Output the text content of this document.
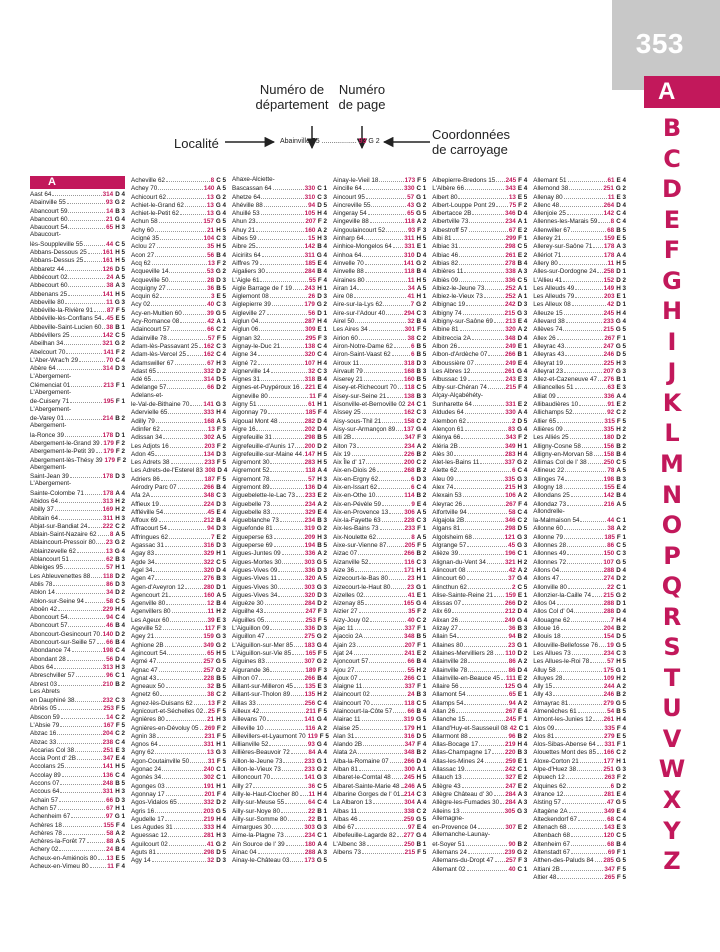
353
A
B
C
D
E
F
G
H
I
J
K
L
M
N
O
P
Q
R
S
T
U
V
W
X
Y
Z
Numéro de
département
Numéro
de page
Localité
Coordonnées
de carroyage
Abainville 55 .................. 93 G 2
A
Aast 64	314 D 4
Abainville 55	93 G 2
Abancourt 59	14 B 3
Abancourt 60	21 G 4
Abaucourt 54	65 H 3
Abaucourt-
lès-Souppleville 55	44 C 5
Abbans-Dessous 25	161 H 5
Abbans-Dessus 25	161 H 5
Abbaretz 44	126 D 5
Abbécourt 02	24 A 5
Abbecourt 60	38 A 3
Abbenans 25	141 H 5
Abbeville 80	11 G 3
Abbéville-la-Rivière 91 87 F 5
Abbéville-lès-Conflans 54 45 E 5
Abbeville-Saint-Lucien 60 38 B 1
Abbévillers 25	142 C 5
Abeilhan 34	321 G 2
Abelcourt 70	141 F 2
L'Aber-Wrac'h 29	70 C 4
Abère 64	314 D 3
L'Abergement-
Clémenciat 01	213 F 1
L'Abergement-
de-Cuisery 71	195 F 1
L'Abergement-
de-Varey 01	214 B 2
Abergement-
la-Ronce 39	178 D 1
Abergement-le-Grand 39 179 F 2
Abergement-le-Petit 39 179 F 2
Abergement-lès-Thésy 39 179 F 2
Abergement-
Saint-Jean 39	178 D 3
L'Abergement-
Sainte-Colombe 71	178 A 4
Abidos 64	313 H 2
Abilly 37	169 H 2
Abitain 64	311 H 3
Abjat-sur-Bandiat 24 222 C 2
Ablain-Saint-Nazaire 62 8 A 5
Ablaincourt-Pressoir 80 23 G 2
Ablainzevelle 62	13 G 4
Ablancourt 51	62 B 3
Ableiges 95	57 H 1
Les Ableuvenettes 88 118 D 2
Ablis 78	86 D 3
Ablon 14	34 D 2
Ablon-sur-Seine 94	58 C 5
Aboën 42	229 H 4
Aboncourt 54	94 C 4
Aboncourt 57	46 B 4
Aboncourt-Gesincourt 70 140 D 2
Aboncourt-sur-Seille 57 66 B 4
Abondance 74	198 C 4
Abondant 28	56 D 4
Abos 64	313 H 3
Abreschviller 57	96 C 1
Abrest 03	210 B 2
Les Abrets
en Dauphiné 38	232 C 3
Abriès 05	253 F 5
Abscon 59	14 C 2
L'Absie 79	167 F 5
Abzac 16	204 C 2
Abzac 33	238 C 4
Accarias Col 38	251 E 3
Accia Pont d' 2B	347 E 4
Accolans 25	141 H 5
Accolay 89	136 C 4
Accons 07	248 B 5
Accous 64	331 H 3
Achain 57	66 D 3
Achen 57	67 H 1
Achenheim 67	97 G 1
Achères 18	155 F 4
Achères 78	58 A 2
Achères-la-Forêt 77	88 A 5
Achery 02	24 B 4
Acheux-en-Amiénois 80 13 E 5
Acheux-en-Vimeu 80	11 F 4
Acheville 62	8 C 5
Achey 70	140 A 5
Achicourt 62	13 G 2
Achiet-le-Grand 62	13 G 4
Achiet-le-Petit 62	13 G 4
Achun 58	157 G 5
Achy 60	21 H 5
Acigné 35	104 C 3
Aclou 27	35 H 5
Acon 27	56 B 4
Acq 62	13 F 2
Acqueville 14	53 G 2
Acqueville 50	28 D 3
Acquigny 27	36 B 5
Acquin 62	3 E 5
Acy 02	40 C 3
Acy-en-Multien 60	39 G 5
Acy-Romance 08	42 A 1
Adaincourt 57	66 C 2
Adainville 78	57 F 5
Adam-lès-Passavant 25 162 C 3
Adam-lès-Vercel 25	162 C 4
Adamswiller 67	67 H 3
Adast 65	332 D 2
Adé 65	314 D 5
Adelange 57	66 D 2
Adelans-et-
le-Val-de-Bithaine 70 141 G 3
Adervielle 65	333 H 4
Adilly 79	168 A 5
Adinfer 62	13 F 3
Adissan 34	302 A 5
Les Adjots 16	203 F 2
Adon 45	134 D 3
Les Adrets 38	233 F 5
Les Adrets-de-l'Esterel 83 308 D 4
Adriers 86	187 F 5
Aérodry Parc 07	266 B 4
Afa 2A	348 C 3
Affieux 19	224 D 3
Affléville 54	45 E 4
Affoux 69	212 B 4
Affracourt 54	94 D 3
Affringues 62	7 E 2
Agassac 31	316 D 3
Agay 83	329 H 1
Agde 34	322 C 5
Agel 34	320 D 4
Agen 47	276 B 3
Agen-d'Aveyron 12	280 D 1
Agencourt 21	160 A 5
Agenville 80	12 B 4
Agenvillers 80	11 H 2
Les Ageux 60	39 E 3
Ageville 52	117 F 3
Agey 21	159 G 3
Aghione 2B	349 G 2
Agincourt 54	65 H 5
Agmé 47	257 G 5
Agnac 47	257 G 2
Agnat 43	228 B 5
Agneaux 50	32 B 5
Agnetz 60	38 C 2
Agnez-lès-Duisans 62 13 F 2
Agnicourt-et-Séchelles 02 25 F 5
Agnières 80	21 H 3
Agnières-en-Dévoluy 05 269 F 2
Agnin 38	231 F 5
Agnos 64	331 H 1
Agny 62	13 G 3
Agon-Coutainville 50	31 F 5
Agonac 24	240 C 1
Agonès 34	302 C 1
Agonges 03	191 H 1
Agonnay 17	201 F 4
Agos-Vidalos 65	332 D 2
Agris 16	203 G 5
Agudelle 17	219 H 4
Les Agudes 31	333 H 4
Aguessac 12	281 H 3
Aguilcourt 02	41 G 2
Aguts 81	298 D 5
Agy 14	32 D 3
Ahaxe-Alciette-
Bascassan 64	330 C 1
Ahetze 64	310 C 3
Ahéville 88	94 D 5
Ahuillé 53	105 H 4
Ahun 23	207 F 2
Ahuy 21	160 A 2
Aibes 59	15 H 3
Aibre 25	142 B 4
Aiciriits 64	311 G 4
Aiffres 79	185 E 4
Aigaliers 30	284 B 4
L'Aigle 61	55 F 4
Aigle Barrage de l' 19 243 H 1
Aiglemont 08	26 D 3
Aiglepierre 39	179 G 2
Aigleville 27	56 D 1
Aiglun 04	287 H 4
Aiglun 06	309 E 1
Aignan 32	295 F 3
Aignay-le-Duc 21	138 C 4
Aigne 34	320 C 4
Aigné 72	107 H 4
Aignerville 14	32 C 3
Aignes 31	318 B 4
Aignes-et-Puypéroux 16 221 E 4
Aigneville 80	11 F 4
Aigny 51	61 H 1
Aigonnay 79	185 F 4
Aigoual Mont 48	282 D 4
Aigre 16	202 D 4
Aigrefeuille 31	298 B 5
Aigrefeuille-d'Aunis 17 200 D 2
Aigrefeuille-sur-Maine 44 147 H 5
Aigremont 30	283 H 5
Aigremont 52	118 A 4
Aigremont 78	57 H 3
Aigremont 89	136 D 4
Aiguebelette-le-Lac 73 233 E 2
Aiguebelle 73	234 A 2
Aiguebelle 83	329 E 4
Aigueblanche 73	234 B 3
Aiguefonde 81	319 G 2
Aigueperse 63	209 H 3
Aigueperse 69	194 B 5
Aigues-Juntes 09	336 A 2
Aigues-Mortes 30	303 G 5
Aigues-Vives 09	336 D 3
Aigues-Vives 11	320 A 5
Aigues-Vives 30	303 G 3
Aigues-Vives 34	320 D 3
Aiguèze 30	284 D 2
Aiguilhe 43	247 F 3
Aiguilles 05	253 F 5
L'Aiguillon 09	336 D 3
Aiguillon 47	275 G 2
L'Aiguillon-sur-Mer 85 183 G 4
L'Aiguillon-sur-Vie 85 165 F 5
Aiguines 83	307 G 2
Aigurande 36	189 F 3
Ailhon 07	266 B 4
Aillant-sur-Milleron 45 135 E 3
Aillant-sur-Tholon 89 135 H 2
Aillas 33	256 C 4
Ailleux 42	211 F 5
Aillevans 70	141 G 4
Ailleville 10	116 A 2
Aillevillers-et-Lyaumont 70 119 F 5
Aillianville 52	93 G 4
Aillières-Beauvoir 72	84 A 4
Aillon-le-Jeune 73	233 G 1
Aillon-le-Vieux 73	233 G 2
Ailloncourt 70	141 G 3
Ailly 27	36 C 5
Ailly-le-Haut-Clocher 80 11 H 4
Ailly-sur-Meuse 55	64 C 4
Ailly-sur-Noye 80	22 B 1
Ailly-sur-Somme 80	22 B 1
Aimargues 30	303 G 3
Aime-la-Plagne 73	234 C 1
Ain Source de l' 39	180 A 4
Ainac 04	288 A 3
Ainay-le-Château 03 173 G 5
Ainay-le-Vieil 18	173 F 5
Aincille 64	330 C 1
Aincourt 95	57 G 1
Aincreville 55	43 G 2
Aingeray 54	65 G 5
Aingeville 88	118 A 2
Aingoulaincourt 52	93 F 3
Ainharp 64	311 H 5
Ainhice-Mongelos 64 331 E 1
Ainhoa 64	310 D 4
Ainvelle 70	141 G 2
Ainvelle 88	118 B 4
Airaines 80	11 H 5
Airan 14	34 A 5
Aire 08	41 H 1
Aire-sur-la-Lys 62	7 G 2
Aire-sur-l'Adour 40	294 C 3
Airel 50	32 B 4
Les Aires 34	301 F 5
Airion 60	38 C 2
Airon-Notre-Dame 62	6 B 5
Airon-Saint-Vaast 62	6 B 5
Airoux 11	318 D 3
Airvault 79	168 B 3
Aiserey 21	160 B 5
Aisey-et-Richecourt 70 118 C 5
Aisey-sur-Seine 21	138 B 3
Aisonville-et-Bernoville 02 24 C 1
Aïssey 25	162 C 3
Aisy-sous-Thil 21	158 C 2
Aisy-sur-Armançon 89 137 G 4
Aiti 2B	347 F 3
Aiton 73	234 A 2
Aix 19	226 B 2
Aix Île d' 17	200 C 2
Aix-en-Diois 26	268 B 2
Aix-en-Ergny 62	6 D 3
Aix-en-Issart 62	6 C 4
Aix-en-Othe 10	114 B 2
Aix-en-Pévèle 59	9 E 4
Aix-en-Provence 13	306 A 5
Aix-la-Fayette 63	228 C 3
Aix-les-Bains 73	233 F 1
Aix-Noulette 62	8 A 5
Aixe-sur-Vienne 87	205 F 5
Aizac 07	266 B 2
Aizanville 52	116 C 3
Aize 36	171 H 1
Aizecourt-le-Bas 80	23 H 1
Aizecourt-le-Haut 80	23 G 1
Aizelles 02	41 E 1
Aizenay 85	165 G 4
Aizier 27	35 F 2
Aizy-Jouy 02	40 C 2
Ajac 11	337 F 1
Ajaccio 2A	348 B 5
Ajain 23	207 F 1
Ajat 24	241 E 2
Ajoncourt 57	66 B 4
Ajou 27	55 H 2
Ajoux 07	266 C 1
Alaigne 11	337 F 1
Alaincourt 02	24 B 3
Alaincourt 70	118 C 5
Alaincourt-la-Côte 57 66 B 4
Alairac 11	319 G 5
Alaise 25	179 H 1
Alan 31	316 D 5
Alando 2B	347 F 4
Alata 2A	348 B 2
Alba-la-Romaine 07 266 D 4
Alban 81	300 A 1
Albaret-le-Comtal 48 245 H 5
Albaret-Sainte-Marie 48 246 A 5
Albarine Gorges de l' 01 214 C 3
La Albaron 13	304 A 4
Albas 11	338 C 2
Albas 46	259 G 5
Albé 67	97 E 4
Albefeuille-Lagarde 82 277 G 4
L'Albenc 38	250 B 1
Albens 73	215 F 5
Albepierre-Bredons 15 245 F 4
L'Albère 66	343 E 4
Albert 80	13 E 5
Albert-Louppe Pont 29 75 F 2
Albertacce 2B	346 D 4
Albertville 73	234 A 1
Albestroff 57	67 E 2
Albi 81	299 F 1
Albiac 31	298 C 5
Albiac 46	261 E 2
Albias 82	278 B 4
Albières 11	338 A 3
Albiès 09	336 C 5
Albiez-le-Jeune 73	252 A 1
Albiez-le-Vieux 73	252 A 1
Albignac 19	242 D 3
Albigny 74	215 G 3
Albigny-sur-Saône 69 213 E 4
Albine 81	320 A 2
Albitreccia 2A	348 D 4
Albon 26	249 E 1
Albon-d'Ardèche 07	266 B 1
Alboussière 07	249 E 4
Les Albres 12	261 G 4
Albussac 19	243 E 3
Alby-sur-Chéran 74	215 F 4
Alçay-Alçabéhéty-
Sunharette 64	331 E 2
Aldudes 64	330 A 4
Alembon 62	2 D 5
Alençon 61	83 G 4
Alénya 66	343 F 2
Aléria 2B	349 H 1
Alès 30	283 H 4
Alet-les-Bains 11	337 G 2
Alette 62	6 C 4
Aleu 09	335 G 3
Alex 74	215 H 3
Alexain 53	106 A 2
Aleyrac 26	267 F 4
Alfortville 94	58 C 4
Algajola 2B	346 C 2
Algans 81	298 D 5
Algolsheim 68	121 G 3
Algrange 57	45 G 3
Alièze 39	196 C 1
Alignan-du-Vent 34	321 H 2
Alincourt 08	42 A 2
Alincourt 60	37 G 4
Alincthun 62	2 C 5
Alise-Sainte-Reine 21 159 E 1
Alissas 07	266 D 2
Alix 69	212 D 4
Alixan 26	249 G 4
Alizay 27	36 B 3
Allain 54	94 B 2
Allaines 80	23 G 1
Allaines-Mervilliers 28 110 D 2
Allainville 28	86 A 2
Allainville 78	86 D 4
Allainville-en-Beauce 45 111 E 2
Allaire 56	125 G 4
Allamont 54	65 E 1
Allamps 54	94 A 2
Allan 26	267 E 4
Allanche 15	245 F 1
Alland'Huy-et-Sausseuil 08 42 C 1
Allarmont 88	96 B 2
Allas-Bocage 17	219 H 4
Allas-Champagne 17 220 B 3
Allas-les-Mines 24	259 E 1
Allassac 19	242 C 1
Allauch 13	327 E 2
Allègre 43	247 E 2
Allègre Château d' 30 284 A 3
Allègre-les-Fumades 30 284 A 3
Alleins 13	305 G 3
Allemagne-
en-Provence 04	307 E 2
Allemanche-Launay-
et-Soyer 51	90 B 2
Allemans 24	239 G 2
Allemans-du-Dropt 47 257 F 3
Allemant 02	40 C 1
Allemant 51	61 E 4
Allemond 38	251 G 2
Allenay 80	11 E 3
Allenc 48	264 D 4
Allenjoie 25	142 C 4
Allennes-les-Marais 59 8 C 4
Allenwiller 67	68 B 5
Allerey 21	159 E 5
Allerey-sur-Saône 71 178 A 3
Allériot 71	178 A 4
Allery 80	11 H 5
Alles-sur-Dordogne 24 258 D 1
L'Allieu 41	152 D 2
Les Alleuds 49	149 H 3
Les Alleuds 79	203 E 1
Les Alleux 08	42 D 1
Alleuze 15	245 H 4
Allevard 38	233 G 4
Allèves 74	215 G 5
Allex 26	267 F 1
Alleyrac 43	247 G 5
Alleyras 43	246 D 5
Alleyrat 19	225 H 3
Alleyrat 23	207 G 3
Allez-et-Cazeneuve 47 276 B 1
Alliancelles 51	63 E 3
Alliat 09	336 A 4
Allibaudières 10	91 E 2
Allichamps 52	92 C 2
Allier 65	315 F 5
Allières 09	335 H 2
Les Alliés 25	180 D 2
Alligny-Cosne 58	156 B 2
Alligny-en-Morvan 58 158 B 4
Allimas Col de l' 38	250 C 5
Allineuc 22	78 A 5
Allinges 74	198 B 3
Allogny 18	155 E 4
Allondans 25	142 B 4
Allondaz 73	216 A 5
Allondrelle-
la-Malmaison 54	44 C 1
Allonne 60	38 A 2
Allonne 79	185 F 1
Allonnes 28	86 C 5
Allonnes 49	150 C 3
Allonnes 72	107 G 5
Allons 04	288 D 4
Allons 47	274 D 2
Allonville 80	22 C 1
Allonzier-la-Caille 74 215 G 2
Allos 04	288 D 1
Allos Col d' 04	288 D 4
Allouagne 62	7 H 4
Alloue 16	204 B 2
Allouis 18	154 D 5
Allouville-Bellefosse 76 19 G 5
Les Allues 73	234 C 3
Les Allues-le-Roi 78	57 H 5
Alluy 58	175 G 1
Alluyes 28	109 H 2
Ally 15	244 A 2
Ally 43	246 B 2
Almayrac 81	279 G 5
Almenêches 61	54 B 5
Almont-les-Junies 12 261 H 4
Alos 09	335 F 4
Alos 81	279 E 5
Alos-Sibas-Abense 64 331 F 1
Alouettes Mont des 85 166 C 2
Aloxe-Corton 21	177 H 1
Alpe-d'Huez 38	251 G 3
Alpuech 12	263 F 2
Alquines 62	6 D 2
Alrance 12	281 E 4
Alsting 57	47 G 5
Altagène 2A	349 E 4
Alteckendorf 67	68 C 4
Altenach 68	143 E 3
Altenbach 68	120 C 5
Altenheim 67	68 B 4
Altenstadt 67	69 F 1
Althen-des-Paluds 84 285 G 5
Altiani 2B	347 F 5
Altier 48	265 F 5
